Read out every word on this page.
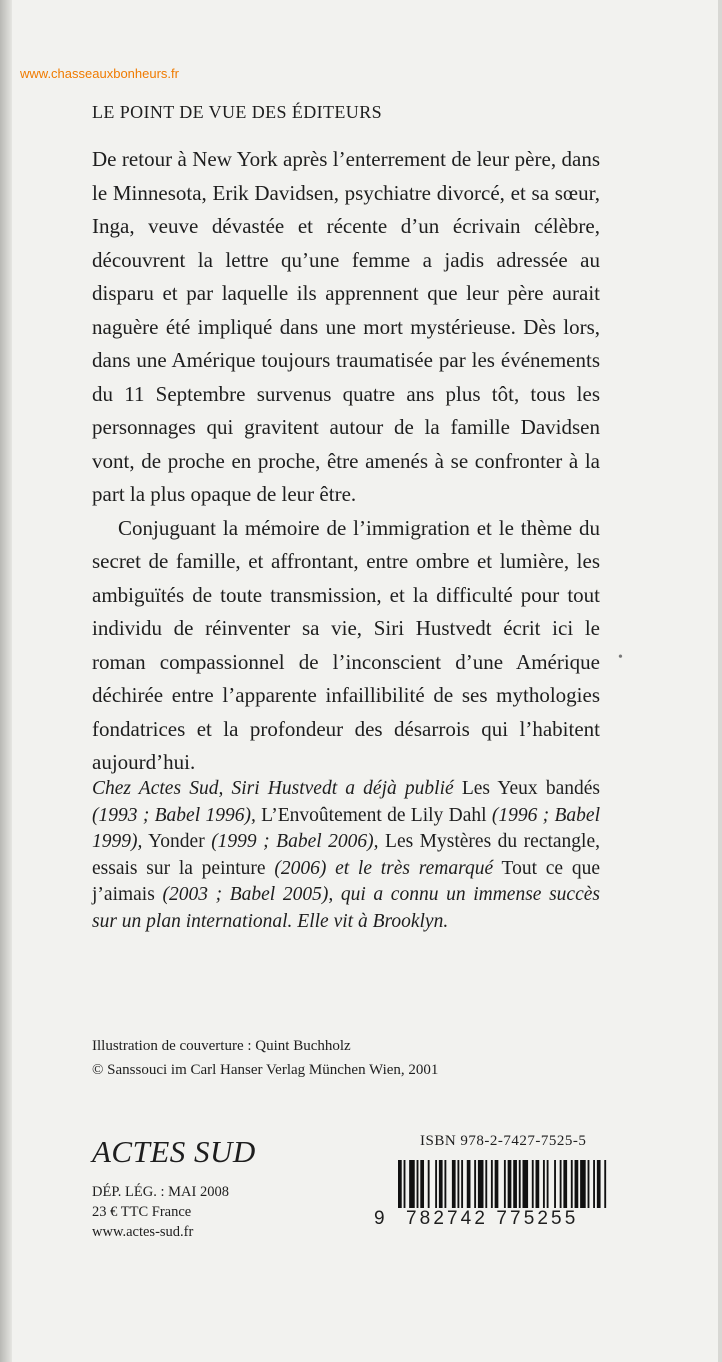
www.chasseauxbonheurs.fr
LE POINT DE VUE DES ÉDITEURS

De retour à New York après l’enterrement de leur père, dans le Minnesota, Erik Davidsen, psychiatre divorcé, et sa sœur, Inga, veuve dévastée et récente d’un écrivain célèbre, découvrent la lettre qu’une femme a jadis adressée au disparu et par laquelle ils apprennent que leur père aurait naguère été impliqué dans une mort mystérieuse. Dès lors, dans une Amérique toujours traumatisée par les événements du 11 Septembre survenus quatre ans plus tôt, tous les personnages qui gravitent autour de la famille Davidsen vont, de proche en proche, être amenés à se confronter à la part la plus opaque de leur être.

Conjuguant la mémoire de l’immigration et le thème du secret de famille, et affrontant, entre ombre et lumière, les ambiguïtés de toute transmission, et la difficulté pour tout individu de réinventer sa vie, Siri Hustvedt écrit ici le roman compassionnel de l’inconscient d’une Amérique déchirée entre l’apparente infaillibilité de ses mythologies fondatrices et la profondeur des désarrois qui l’habitent aujourd’hui.

•
Chez Actes Sud, Siri Hustvedt a déjà publié Les Yeux bandés (1993 ; Babel 1996), L’Envoûtement de Lily Dahl (1996 ; Babel 1999), Yonder (1999 ; Babel 2006), Les Mystères du rectangle, essais sur la peinture (2006) et le très remarqué Tout ce que j’aimais (2003 ; Babel 2005), qui a connu un immense succès sur un plan international. Elle vit à Brooklyn.
Illustration de couverture : Quint Buchholz
© Sanssouci im Carl Hanser Verlag München Wien, 2001
ACTES SUD
DÉP. LÉG. : MAI 2008
23 € TTC France
www.actes-sud.fr
ISBN 978-2-7427-7525-5
9	782742 775255
